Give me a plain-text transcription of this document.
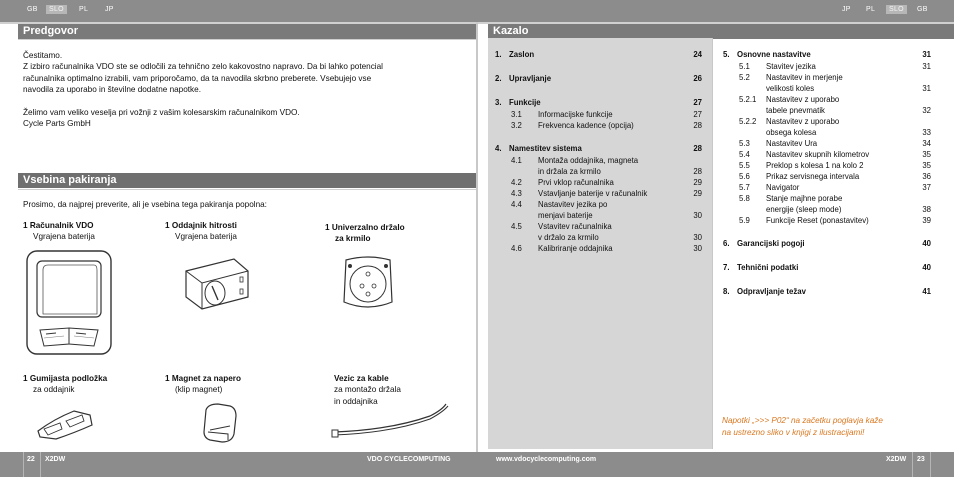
GB	SLO	PL JP	JP PL	SLO	GB
Predgovor
Čestitamo.
Z izbiro računalnika VDO ste se odločili za tehnično zelo kakovostno napravo. Da bi lahko potencial
računalnika optimalno izrabili, vam priporočamo, da ta navodila skrbno preberete. Vsebujejo vse
navodila za uporabo in številne dodatne napotke.
Želimo vam veliko veselja pri vožnji z vašim kolesarskim računalnikom VDO.
Cycle Parts GmbH
Vsebina pakiranja
Prosimo, da najprej preverite, ali je vsebina tega pakiranja popolna:
1 Računalnik VDO
Vgrajena baterija
1 Oddajnik hitrosti
Vgrajena baterija
1 Univerzalno držalo
za krmilo
1 Gumijasta podložka
za oddajnik
1 Magnet za napero
(klip magnet)
Vezic za kable
za montažo držala
in oddajnika
Kazalo
1. Zaslon	24
2. Upravljanje	26
3. Funkcije	27
3.1 Informacijske funkcije	27
3.2 Frekvenca kadence (opcija)	28
4. Namestitev sistema	28
4.1 Montaža oddajnika, magneta
in držala za krmilo	28
4.2 Prvi vklop računalnika	29
4.3 Vstavljanje baterije v računalnik	29
4.4 Nastavitev jezika po
menjavi baterije	30
4.5 Vstavitev računalnika
v držalo za krmilo	30
4.6 Kalibriranje oddajnika	30
5. Osnovne nastavitve	31
5.1 Stavitev jezika	31
5.2 Nastavitev in merjenje
velikosti koles	31
5.2.1 Nastavitev z uporabo
tabele pnevmatik	32
5.2.2 Nastavitev z uporabo
obsega kolesa	33
5.3 Nastavitev Ura	34
5.4 Nastavitev skupnih kilometrov	35
5.5 Preklop s kolesa 1 na kolo 2	35
5.6 Prikaz servisnega intervala	36
5.7 Navigator	37
5.8 Stanje majhne porabe
energije (sleep mode)	38
5.9 Funkcije Reset (ponastavitev)	39
6. Garancijski pogoji	40
7. Tehnični podatki	40
8. Odpravljanje težav	41
Napotki „>>> P02“ na začetku poglavja kaže
na ustrezno sliko v knjigi z ilustracijami!
22 X2DW	VDO CYCLECOMPUTING	www.vdocyclecomputing.com	X2DW 23
